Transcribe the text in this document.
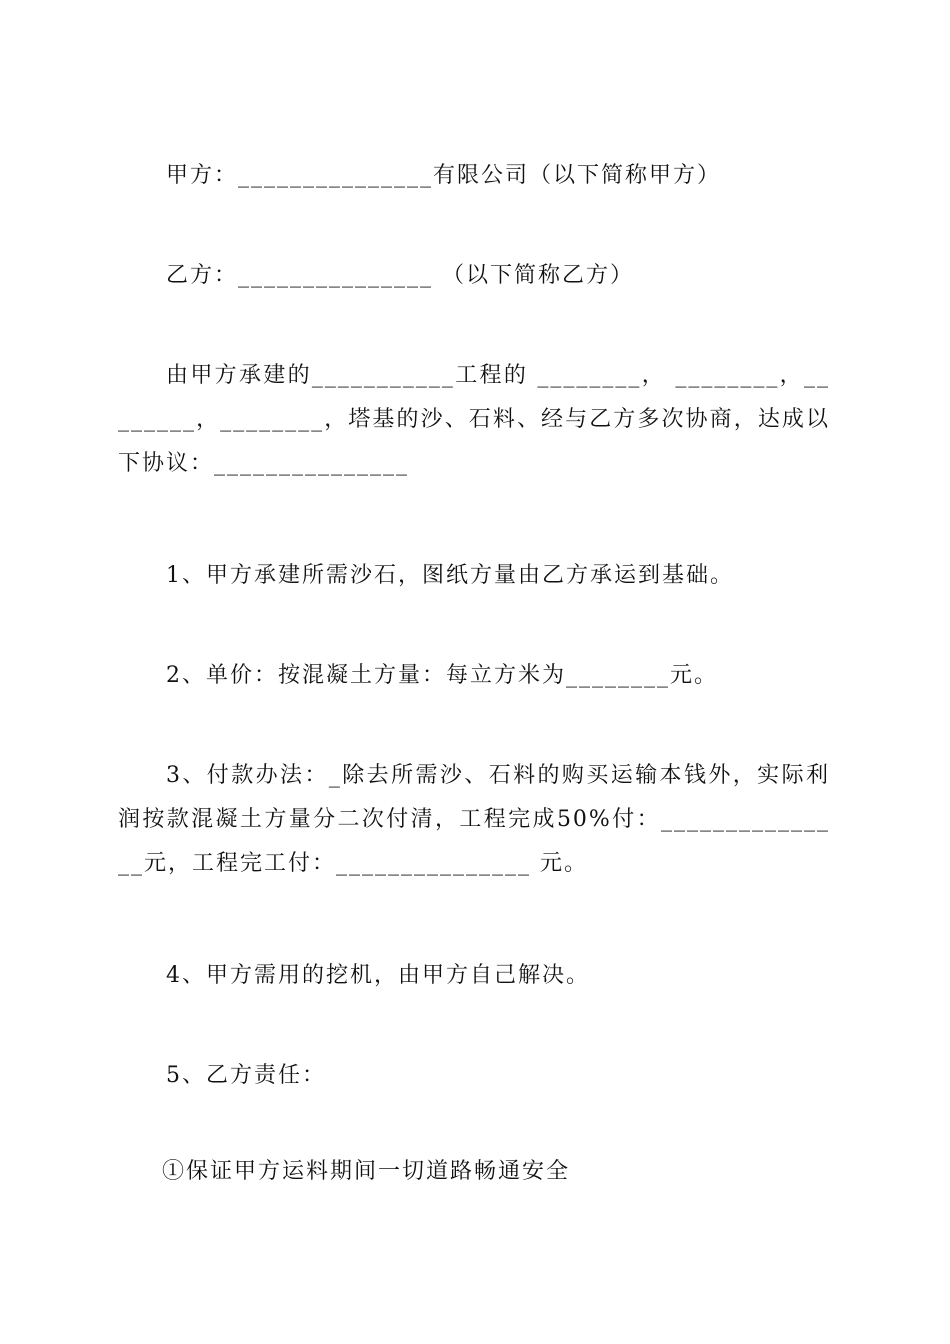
甲方：_______________有限公司（以下简称甲方）
乙方：_______________ （以下简称乙方）
由甲方承建的___________工程的 ________， ________，________，________，塔基的沙、石料、经与乙方多次协商，达成以下协议：_______________
1、甲方承建所需沙石，图纸方量由乙方承运到基础。
2、单价：按混凝土方量：每立方米为________元。
3、付款办法：_除去所需沙、石料的购买运输本钱外，实际利润按款混凝土方量分二次付清，工程完成50%付：_______________元，工程完工付：_______________ 元。
4、甲方需用的挖机，由甲方自己解决。
5、乙方责任：
①保证甲方运料期间一切道路畅通安全
